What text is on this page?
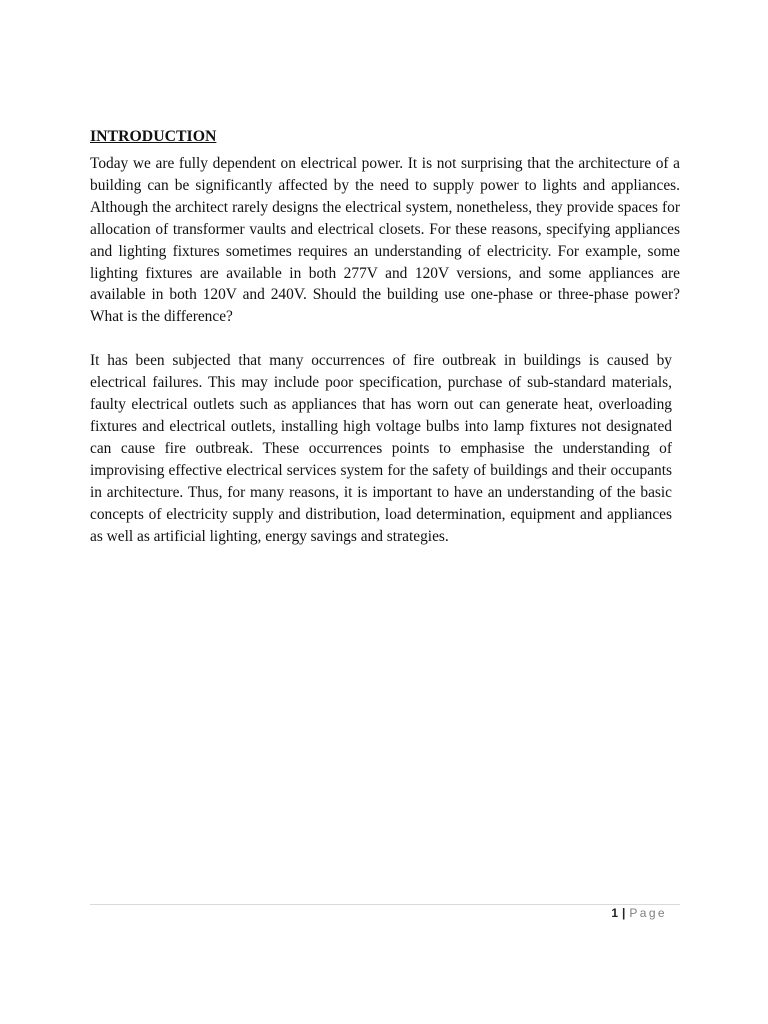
INTRODUCTION

Today we are fully dependent on electrical power. It is not surprising that the architecture of a building can be significantly affected by the need to supply power to lights and appliances. Although the architect rarely designs the electrical system, nonetheless, they provide spaces for allocation of transformer vaults and electrical closets. For these reasons, specifying appliances and lighting fixtures sometimes requires an understanding of electricity. For example, some lighting fixtures are available in both 277V and 120V versions, and some appliances are available in both 120V and 240V. Should the building use one-phase or three-phase power? What is the difference?

It has been subjected that many occurrences of fire outbreak in buildings is caused by electrical failures. This may include poor specification, purchase of sub-standard materials, faulty electrical outlets such as appliances that has worn out can generate heat, overloading fixtures and electrical outlets, installing high voltage bulbs into lamp fixtures not designated can cause fire outbreak. These occurrences points to emphasise the understanding of improvising effective electrical services system for the safety of buildings and their occupants in architecture. Thus, for many reasons, it is important to have an understanding of the basic concepts of electricity supply and distribution, load determination, equipment and appliances as well as artificial lighting, energy savings and strategies.

1 | Page
